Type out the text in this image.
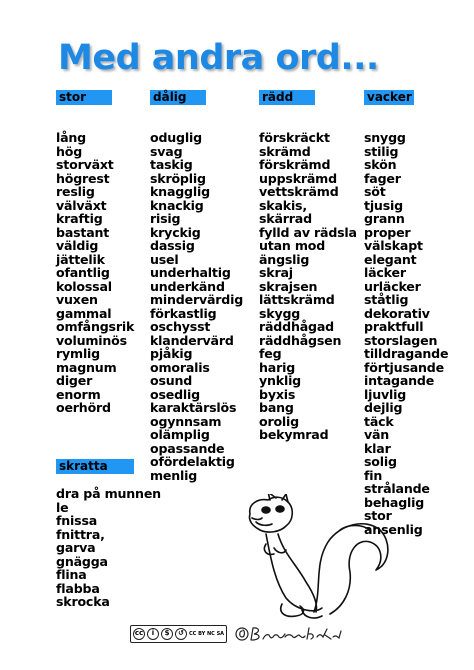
Med andra ord...
stor
lång
hög
storväxt
högrest
reslig
välväxt
kraftig
bastant
väldig
jättelik
ofantlig
kolossal
vuxen
gammal
omfångsrik
voluminös
rymlig
magnum
diger
enorm
oerhörd
dålig
oduglig
svag
taskig
skröplig
knagglig
knackig
risig
kryckig
dassig
usel
underhaltig
underkänd
mindervärdig
förkastlig
oschysst
klandervärd
pjåkig
omoralis
osund
osedlig
karaktärslös
ogynnsam
olämplig
opassande
ofördelaktig
menlig
rädd
förskräckt
skrämd
förskrämd
uppskrämd
vettskrämd
skakis,
skärrad
fylld av rädsla
utan mod
ängslig
skraj
skrajsen
lättskrämd
skygg
räddhågad
räddhågsen
feg
harig
ynklig
byxis
bang
orolig
bekymrad
vacker
snygg
stilig
skön
fager
söt
tjusig
grann
proper
välskapt
elegant
läcker
urläcker
ståtlig
dekorativ
praktfull
storslagen
tilldragande
förtjusande
intagande
ljuvlig
dejlig
täck
vän
klar
solig
fin
strålande
behaglig
stor
ansenlig
skratta
dra på munnen
le
fnissa
fnittra,
garva
gnägga
flina
flabba
skrocka
cc	i	$	↺	CC BY NC SA
